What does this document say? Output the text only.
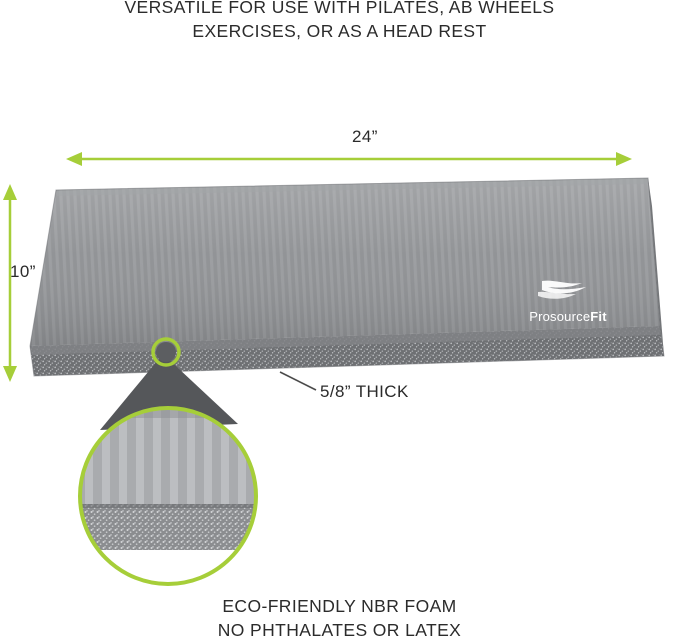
VERSATILE FOR USE WITH PILATES, AB WHEELS
EXERCISES, OR AS A HEAD REST
24”
10”
5/8” THICK
ECO-FRIENDLY NBR FOAM
NO PHTHALATES OR LATEX
ProsourceFit
